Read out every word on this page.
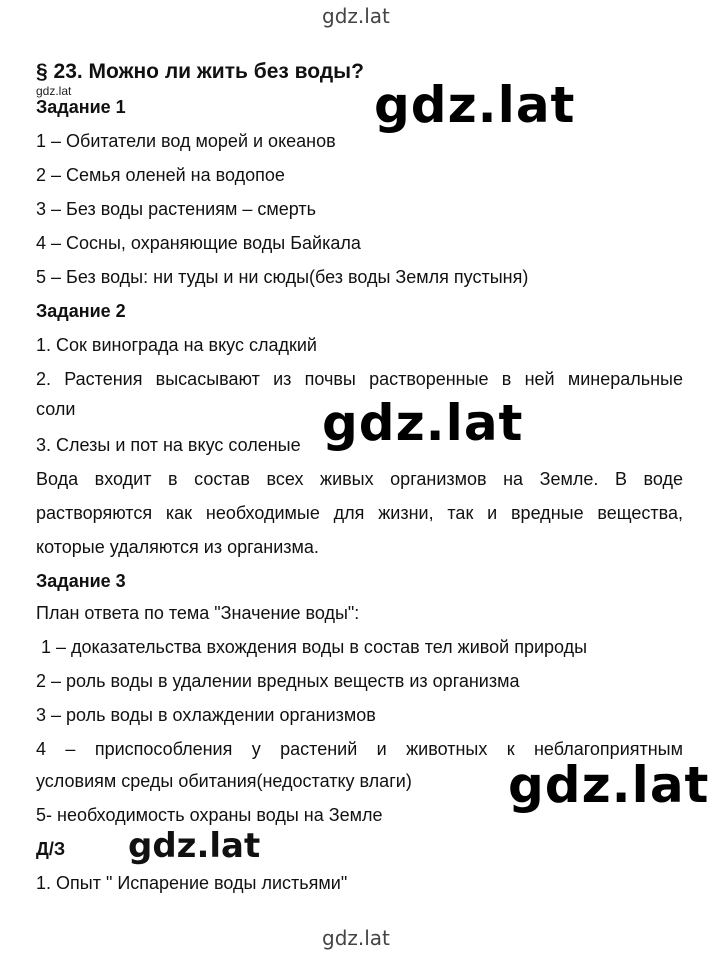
gdz.lat
§ 23. Можно ли жить без воды?
gdz.lat	gdz.lat
Задание 1
1 – Обитатели вод морей и океанов
2 – Семья оленей на водопое
3 – Без воды растениям – смерть
4 – Сосны, охраняющие воды Байкала
5 – Без воды: ни туды и ни сюды(без воды Земля пустыня)
Задание 2
1. Сок винограда на вкус сладкий
2. Растения высасывают из почвы растворенные в ней минеральные
соли
3. Слезы и пот на вкус соленые gdz.lat
Вода входит в состав всех живых организмов на Земле. В воде
растворяются как необходимые для жизни, так и вредные вещества,
которые удаляются из организма.
Задание 3
План ответа по тема "Значение воды":
1 – доказательства вхождения воды в состав тел живой природы
2 – роль воды в удалении вредных веществ из организма
3 – роль воды в охлаждении организмов
4 – приспособления у растений и животных к неблагоприятным
условиям среды обитания(недостатку влаги) gdz.lat
5- необходимость охраны воды на Земле
Д/З gdz.lat
1. Опыт " Испарение воды листьями"
gdz.lat
